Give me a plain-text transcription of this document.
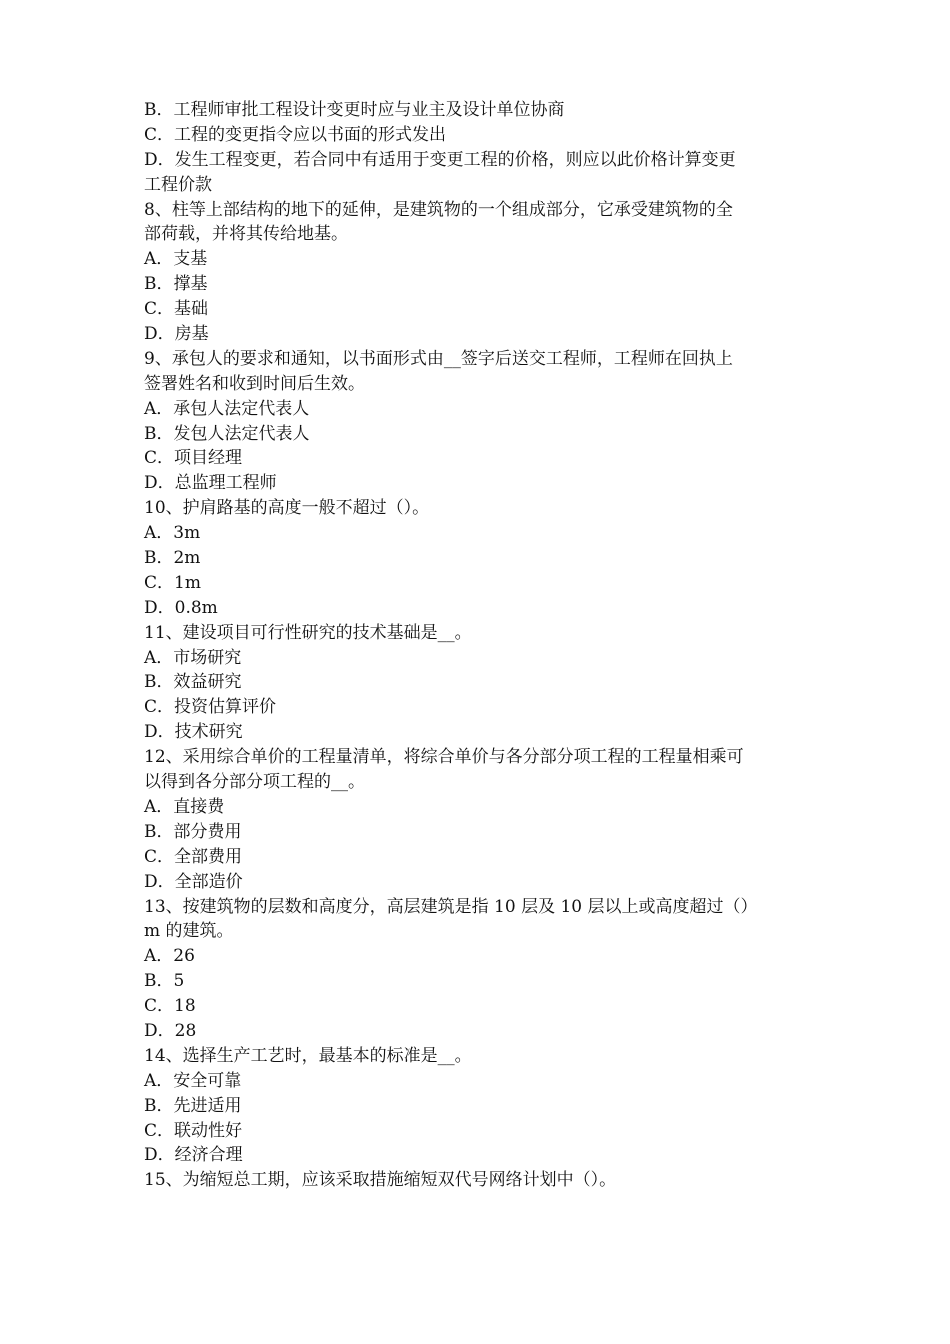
B．工程师审批工程设计变更时应与业主及设计单位协商
C．工程的变更指令应以书面的形式发出
D．发生工程变更，若合同中有适用于变更工程的价格，则应以此价格计算变更
工程价款
8、柱等上部结构的地下的延伸，是建筑物的一个组成部分，它承受建筑物的全
部荷载，并将其传给地基。
A．支基
B．撑基
C．基础
D．房基
9、承包人的要求和通知，以书面形式由__签字后送交工程师，工程师在回执上
签署姓名和收到时间后生效。
A．承包人法定代表人
B．发包人法定代表人
C．项目经理
D．总监理工程师
10、护肩路基的高度一般不超过（）。
A．3m
B．2m
C．1m
D．0.8m
11、建设项目可行性研究的技术基础是__。
A．市场研究
B．效益研究
C．投资估算评价
D．技术研究
12、采用综合单价的工程量清单，将综合单价与各分部分项工程的工程量相乘可
以得到各分部分项工程的__。
A．直接费
B．部分费用
C．全部费用
D．全部造价
13、按建筑物的层数和高度分，高层建筑是指 10 层及 10 层以上或高度超过（）
m 的建筑。
A．26
B．5
C．18
D．28
14、选择生产工艺时，最基本的标准是__。
A．安全可靠
B．先进适用
C．联动性好
D．经济合理
15、为缩短总工期，应该采取措施缩短双代号网络计划中（）。
